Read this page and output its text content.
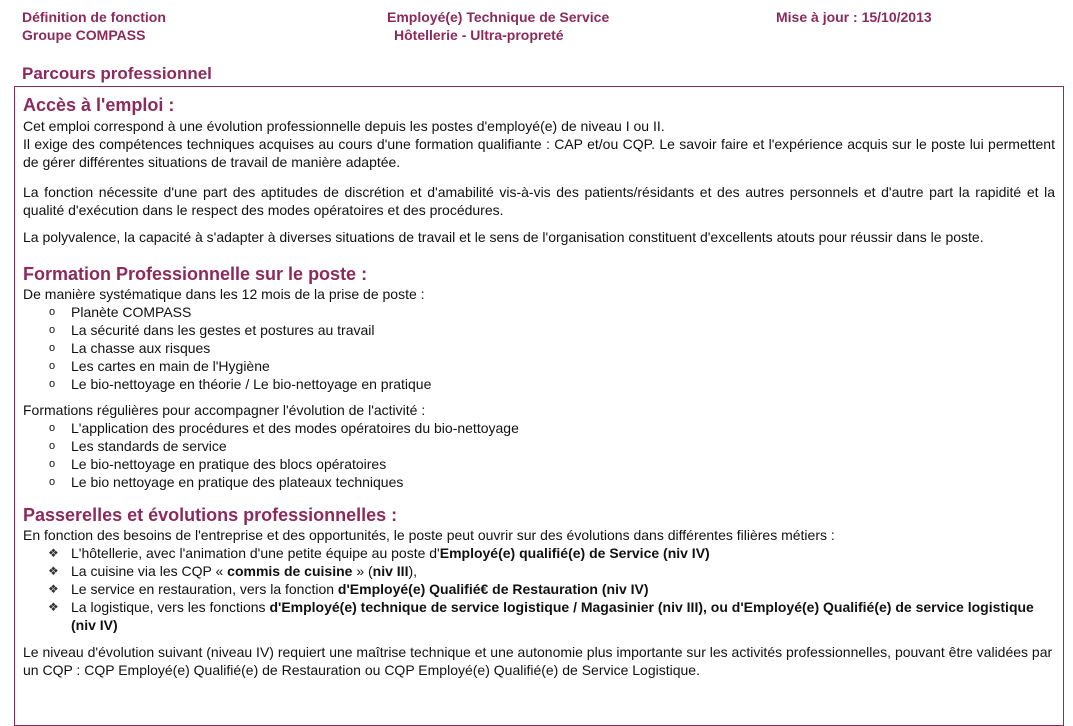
Définition de fonction
Groupe COMPASS
Employé(e) Technique de Service
Hôtellerie - Ultra-propreté
Mise à jour : 15/10/2013
Parcours professionnel
Accès à l'emploi :

Cet emploi correspond à une évolution professionnelle depuis les postes d'employé(e) de niveau I ou II.

Il exige des compétences techniques acquises au cours d'une formation qualifiante : CAP et/ou CQP. Le savoir faire et l'expérience acquis sur le poste lui permettent de gérer différentes situations de travail de manière adaptée.

La fonction nécessite d'une part des aptitudes de discrétion et d'amabilité vis-à-vis des patients/résidants et des autres personnels et d'autre part la rapidité et la qualité d'exécution dans le respect des modes opératoires et des procédures.

La polyvalence, la capacité à s'adapter à diverses situations de travail et le sens de l'organisation constituent d'excellents atouts pour réussir dans le poste.

Formation Professionnelle sur le poste :

De manière systématique dans les 12 mois de la prise de poste :

o Planète COMPASS
o La sécurité dans les gestes et postures au travail
o La chasse aux risques
o Les cartes en main de l'Hygiène
o Le bio-nettoyage en théorie / Le bio-nettoyage en pratique

Formations régulières pour accompagner l'évolution de l'activité :

o L'application des procédures et des modes opératoires du bio-nettoyage
o Les standards de service
o Le bio-nettoyage en pratique des blocs opératoires
o Le bio nettoyage en pratique des plateaux techniques
Passerelles et évolutions professionnelles :

En fonction des besoins de l'entreprise et des opportunités, le poste peut ouvrir sur des évolutions dans différentes filières métiers :

❖ L'hôtellerie, avec l'animation d'une petite équipe au poste d'Employé(e) qualifié(e) de Service (niv IV)
❖ La cuisine via les CQP « commis de cuisine » (niv III),
❖ Le service en restauration, vers la fonction d'Employé(e) Qualifié€ de Restauration (niv IV)
❖ La logistique, vers les fonctions d'Employé(e) technique de service logistique / Magasinier (niv III), ou d'Employé(e) Qualifié(e) de service logistique (niv IV)

Le niveau d'évolution suivant (niveau IV) requiert une maîtrise technique et une autonomie plus importante sur les activités professionnelles, pouvant être validées par un CQP : CQP Employé(e) Qualifié(e) de Restauration ou CQP Employé(e) Qualifié(e) de Service Logistique.
